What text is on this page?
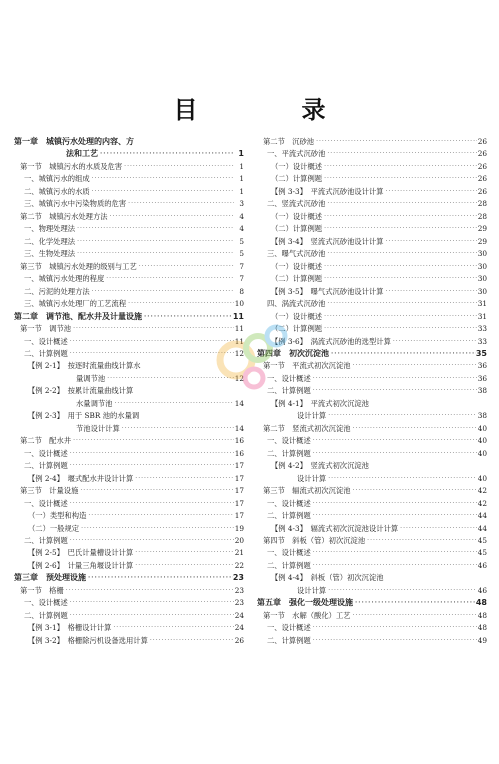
目　录
第一章　城镇污水处理的内容、方
法和工艺 ·····	1
第一节　城镇污水的水质及危害 ·····	1
一、城镇污水的组成 ·····	1
二、城镇污水的水质 ·····	1
三、城镇污水中污染物质的危害 ·····	3
第二节　城镇污水处理方法 ·····	4
一、物理处理法 ·····	4
二、化学处理法 ·····	5
三、生物处理法 ·····	5
第三节　城镇污水处理的级别与工艺 ·····	7
一、城镇污水处理的程度 ·····	7
二、污泥的处理方法 ·····	8
三、城镇污水处理厂的工艺流程 ·····	10
第二章　调节池、配水井及计量设施 ·····	11
第一节　调节池 ·····	11
一、设计概述 ·····	11
二、计算例题 ·····	12
【例 2-1】　按逐时流量曲线计算水
量调节池 ·····	12
【例 2-2】　按累计流量曲线计算
水量调节池 ·····	14
【例 2-3】　用于 SBR 池的水量调
节池设计计算 ·····	14
第二节　配水井 ·····	16
一、设计概述 ·····	16
二、计算例题 ·····	17
【例 2-4】　堰式配水井设计计算 ·····	17
第三节　计量设施 ·····	17
一、设计概述 ·····	17
（一）类型和构造 ·····	17
（二）一般规定 ·····	19
二、计算例题 ·····	20
【例 2-5】　巴氏计量槽设计计算 ·····	21
【例 2-6】　计量三角堰设计计算 ·····	22
第三章　预处理设施 ·····	23
第一节　格栅 ·····	23
一、设计概述 ·····	23
二、计算例题 ·····	24
【例 3-1】　格栅设计计算 ·····	24
【例 3-2】　格栅除污机设备选用计算 ·····	26
第二节　沉砂池 ·····	26
一、平流式沉砂池 ·····	26
（一）设计概述 ·····	26
（二）计算例题 ·····	26
【例 3-3】　平流式沉砂池设计计算 ·····	26
二、竖流式沉砂池 ·····	28
（一）设计概述 ·····	28
（二）计算例题 ·····	29
【例 3-4】　竖流式沉砂池设计计算 ·····	29
三、曝气式沉砂池 ·····	30
（一）设计概述 ·····	30
（二）计算例题 ·····	30
【例 3-5】　曝气式沉砂池设计计算 ·····	30
四、涡流式沉砂池 ·····	31
（一）设计概述 ·····	31
（二）计算例题 ·····	33
【例 3-6】　涡流式沉砂池的选型计算 ·····	33
第四章　初次沉淀池 ·····	35
第一节　平流式初次沉淀池 ·····	36
一、设计概述 ·····	36
二、计算例题 ·····	38
【例 4-1】　平流式初次沉淀池
设计计算 ·····	38
第二节　竖流式初次沉淀池 ·····	40
一、设计概述 ·····	40
二、计算例题 ·····	40
【例 4-2】　竖流式初次沉淀池
设计计算 ·····	40
第三节　辐流式初次沉淀池 ·····	42
一、设计概述 ·····	42
二、计算例题 ·····	44
【例 4-3】　辐流式初次沉淀池设计计算 ·····	44
第四节　斜板（管）初次沉淀池 ·····	45
一、设计概述 ·····	45
二、计算例题 ·····	46
【例 4-4】　斜板（管）初次沉淀池
设计计算 ·····	46
第五章　强化一级处理设施 ·····	48
第一节　水解（酸化）工艺 ·····	48
一、设计概述 ·····	48
二、计算例题 ·····	49
